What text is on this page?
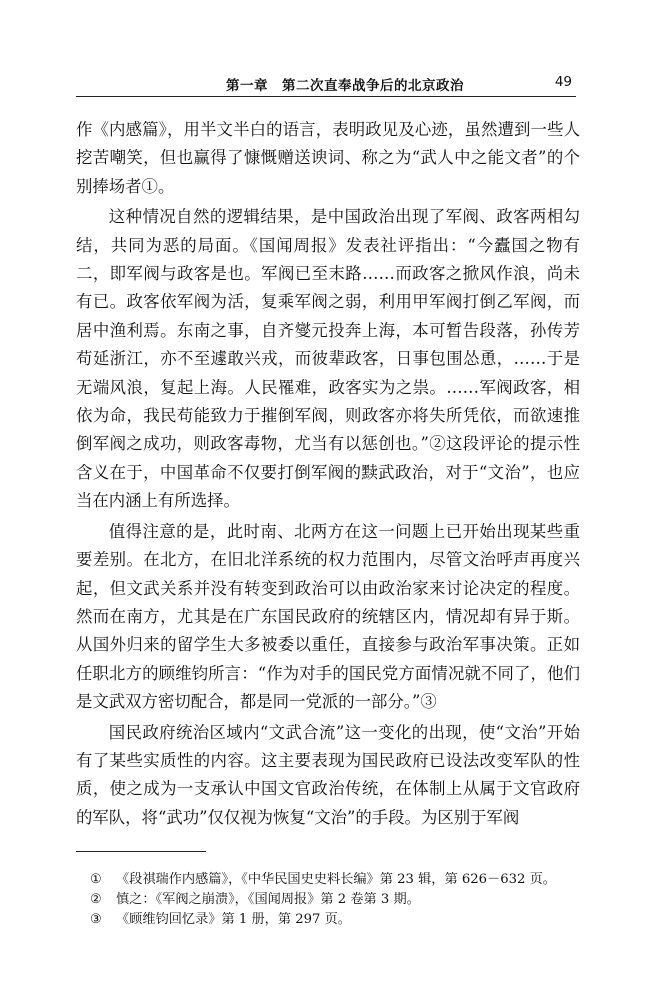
第一章　第二次直奉战争后的北京政治	49

作《内感篇》，用半文半白的语言，表明政见及心迹，虽然遭到一些人挖苦嘲笑，但也赢得了慷慨赠送谀词、称之为“武人中之能文者”的个别捧场者①。

这种情况自然的逻辑结果，是中国政治出现了军阀、政客两相勾结，共同为恶的局面。《国闻周报》发表社评指出：“今蠹国之物有二，即军阀与政客是也。军阀已至末路……而政客之掀风作浪，尚未有已。政客依军阀为活，复乘军阀之弱，利用甲军阀打倒乙军阀，而居中渔利焉。东南之事，自齐燮元投奔上海，本可暂告段落，孙传芳苟延浙江，亦不至遽敢兴戎，而彼辈政客，日事包围怂恿，……于是无端风浪，复起上海。人民罹难，政客实为之祟。……军阀政客，相依为命，我民苟能致力于摧倒军阀，则政客亦将失所凭依，而欲速推倒军阀之成功，则政客毒物，尤当有以惩创也。”②这段评论的提示性含义在于，中国革命不仅要打倒军阀的黩武政治，对于“文治”，也应当在内涵上有所选择。

值得注意的是，此时南、北两方在这一问题上已开始出现某些重要差别。在北方，在旧北洋系统的权力范围内，尽管文治呼声再度兴起，但文武关系并没有转变到政治可以由政治家来讨论决定的程度。然而在南方，尤其是在广东国民政府的统辖区内，情况却有异于斯。从国外归来的留学生大多被委以重任，直接参与政治军事决策。正如任职北方的顾维钧所言：“作为对手的国民党方面情况就不同了，他们是文武双方密切配合，都是同一党派的一部分。”③

国民政府统治区域内“文武合流”这一变化的出现，使“文治”开始有了某些实质性的内容。这主要表现为国民政府已设法改变军队的性质，使之成为一支承认中国文官政治传统，在体制上从属于文官政府的军队，将“武功”仅仅视为恢复“文治”的手段。为区别于军阀

①	《段祺瑞作内感篇》，《中华民国史史料长编》第 23 辑，第 626－632 页。
②	慎之：《军阀之崩溃》，《国闻周报》第 2 卷第 3 期。
③	《顾维钧回忆录》第 1 册，第 297 页。
